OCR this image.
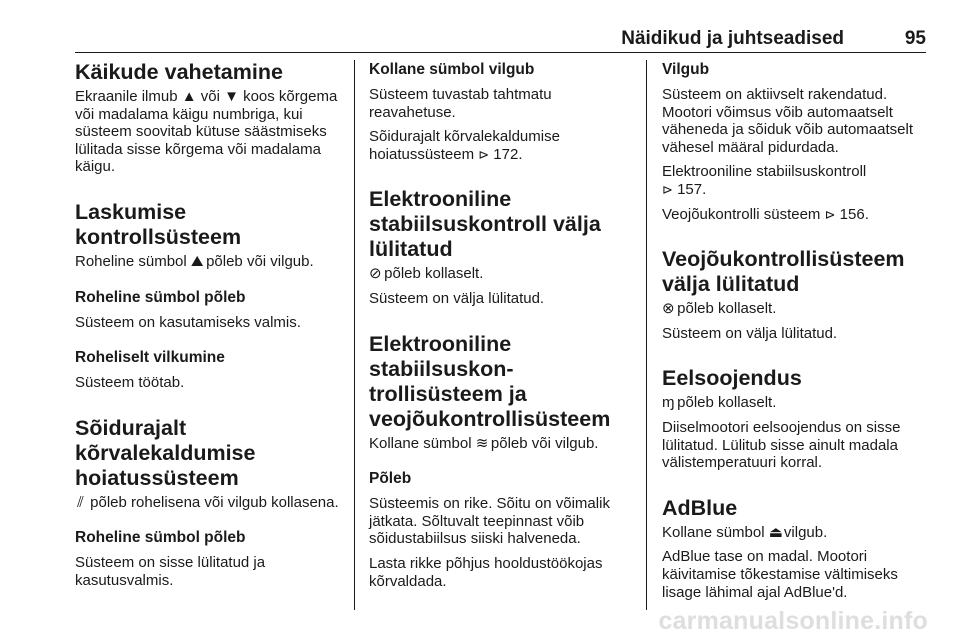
Näidikud ja juhtseadised	95
Käikude vahetamine
Ekraanile ilmub ▲ või ▼ koos kõrgema või madalama käigu numbriga, kui süsteem soovitab kütuse säästmiseks lülitada sisse kõrgema või madalama käigu.
Laskumise kontrollsüsteem
Roheline sümbol ⛰ põleb või vilgub.
Roheline sümbol põleb
Süsteem on kasutamiseks valmis.
Roheliselt vilkumine
Süsteem töötab.
Sõidurajalt kõrvalekaldumise hoiatussüsteem
⫽ põleb rohelisena või vilgub kollasena.
Roheline sümbol põleb
Süsteem on sisse lülitatud ja kasutusvalmis.
Kollane sümbol vilgub
Süsteem tuvastab tahtmatu reavahetuse.
Sõidurajalt kõrvalekaldumise hoiatussüsteem ⊳ 172.
Elektrooniline stabiilsuskontroll välja lülitatud
⊘ põleb kollaselt.
Süsteem on välja lülitatud.
Elektrooniline stabiilsuskontrollisüsteem ja veojõukontrollisüsteem
Kollane sümbol ≋ põleb või vilgub.
Põleb
Süsteemis on rike. Sõitu on võimalik jätkata. Sõltuvalt teepinnast võib sõidustabiilsus siiski halveneda.
Lasta rikke põhjus hooldustöökojas kõrvaldada.
Vilgub
Süsteem on aktiivselt rakendatud. Mootori võimsus võib automaatselt väheneda ja sõiduk võib automaatselt vähesel määral pidurdada.
Elektrooniline stabiilsuskontroll
⊳ 157.
Veojõukontrolli süsteem ⊳ 156.
Veojõukontrollisüsteem välja lülitatud
⊗ põleb kollaselt.
Süsteem on välja lülitatud.
Eelsoojendus
ɱ põleb kollaselt.
Diiselmootori eelsoojendus on sisse lülitatud. Lülitub sisse ainult madala välistemperatuuri korral.
AdBlue
Kollane sümbol ⏏ vilgub.
AdBlue tase on madal. Mootori käivitamise tõkestamise vältimiseks lisage lähimal ajal AdBlue'd.
carmanualsonline.info
